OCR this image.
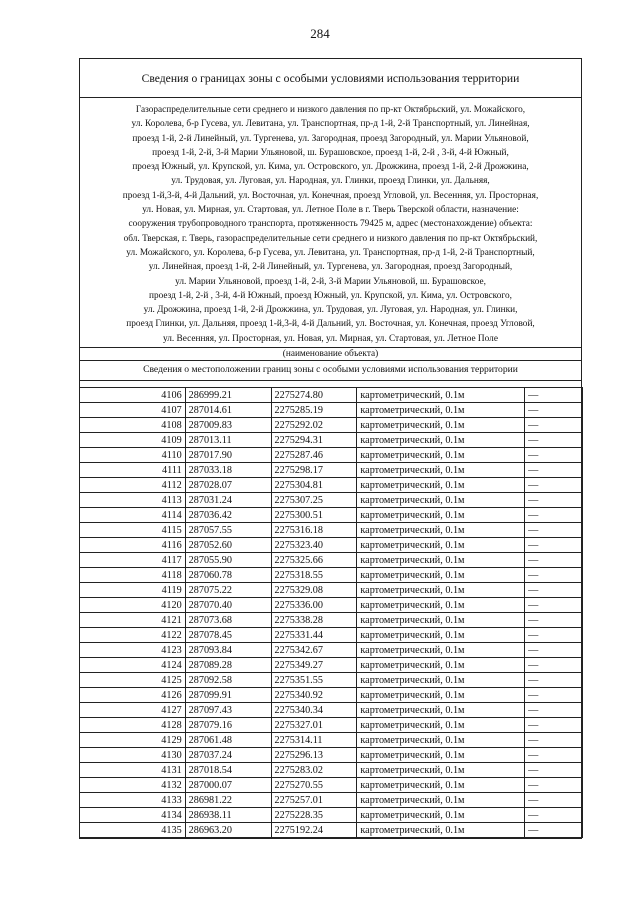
284
Сведения о границах зоны с особыми условиями использования территории
Газораспределительные сети среднего и низкого давления по пр-кт Октябрьский, ул. Можайского,
ул. Королева, б-р Гусева, ул. Левитана, ул. Транспортная, пр-д 1-й, 2-й Транспортный, ул. Линейная,
проезд 1-й, 2-й Линейный, ул. Тургенева, ул. Загородная, проезд Загородный, ул. Марии Ульяновой,
проезд 1-й, 2-й, 3-й Марии Ульяновой, ш. Бурашовское, проезд 1-й, 2-й , 3-й, 4-й Южный,
проезд Южный, ул. Крупской, ул. Кима, ул. Островского, ул. Дрожжина, проезд 1-й, 2-й Дрожжина,
ул. Трудовая, ул. Луговая, ул. Народная, ул. Глинки, проезд Глинки, ул. Дальняя,
проезд 1-й,3-й, 4-й Дальний, ул. Восточная, ул. Конечная, проезд Угловой, ул. Весенняя, ул. Просторная,
ул. Новая, ул. Мирная, ул. Стартовая, ул. Летное Поле в г. Тверь Тверской области, назначение:
сооружения трубопроводного транспорта, протяженность 79425 м, адрес (местонахождение) объекта:
обл. Тверская, г. Тверь, газораспределительные сети среднего и низкого давления по пр-кт Октябрьский,
ул. Можайского, ул. Королева, б-р Гусева, ул. Левитана, ул. Транспортная, пр-д 1-й, 2-й Транспортный,
ул. Линейная, проезд 1-й, 2-й Линейный, ул. Тургенева, ул. Загородная, проезд Загородный,
ул. Марии Ульяновой, проезд 1-й, 2-й, 3-й Марии Ульяновой, ш. Бурашовское,
проезд 1-й, 2-й , 3-й, 4-й Южный, проезд Южный, ул. Крупской, ул. Кима, ул. Островского,
ул. Дрожжина, проезд 1-й, 2-й Дрожжина, ул. Трудовая, ул. Луговая, ул. Народная, ул. Глинки,
проезд Глинки, ул. Дальняя, проезд 1-й,3-й, 4-й Дальний, ул. Восточная, ул. Конечная, проезд Угловой,
ул. Весенняя, ул. Просторная, ул. Новая, ул. Мирная, ул. Стартовая, ул. Летное Поле
(наименование объекта)
Сведения о местоположении границ зоны с особыми условиями использования территории
4106	286999.21	2275274.80	картометрический, 0.1м	—
4107	287014.61	2275285.19	картометрический, 0.1м	—
4108	287009.83	2275292.02	картометрический, 0.1м	—
4109	287013.11	2275294.31	картометрический, 0.1м	—
4110	287017.90	2275287.46	картометрический, 0.1м	—
4111	287033.18	2275298.17	картометрический, 0.1м	—
4112	287028.07	2275304.81	картометрический, 0.1м	—
4113	287031.24	2275307.25	картометрический, 0.1м	—
4114	287036.42	2275300.51	картометрический, 0.1м	—
4115	287057.55	2275316.18	картометрический, 0.1м	—
4116	287052.60	2275323.40	картометрический, 0.1м	—
4117	287055.90	2275325.66	картометрический, 0.1м	—
4118	287060.78	2275318.55	картометрический, 0.1м	—
4119	287075.22	2275329.08	картометрический, 0.1м	—
4120	287070.40	2275336.00	картометрический, 0.1м	—
4121	287073.68	2275338.28	картометрический, 0.1м	—
4122	287078.45	2275331.44	картометрический, 0.1м	—
4123	287093.84	2275342.67	картометрический, 0.1м	—
4124	287089.28	2275349.27	картометрический, 0.1м	—
4125	287092.58	2275351.55	картометрический, 0.1м	—
4126	287099.91	2275340.92	картометрический, 0.1м	—
4127	287097.43	2275340.34	картометрический, 0.1м	—
4128	287079.16	2275327.01	картометрический, 0.1м	—
4129	287061.48	2275314.11	картометрический, 0.1м	—
4130	287037.24	2275296.13	картометрический, 0.1м	—
4131	287018.54	2275283.02	картометрический, 0.1м	—
4132	287000.07	2275270.55	картометрический, 0.1м	—
4133	286981.22	2275257.01	картометрический, 0.1м	—
4134	286938.11	2275228.35	картометрический, 0.1м	—
4135	286963.20	2275192.24	картометрический, 0.1м	—
